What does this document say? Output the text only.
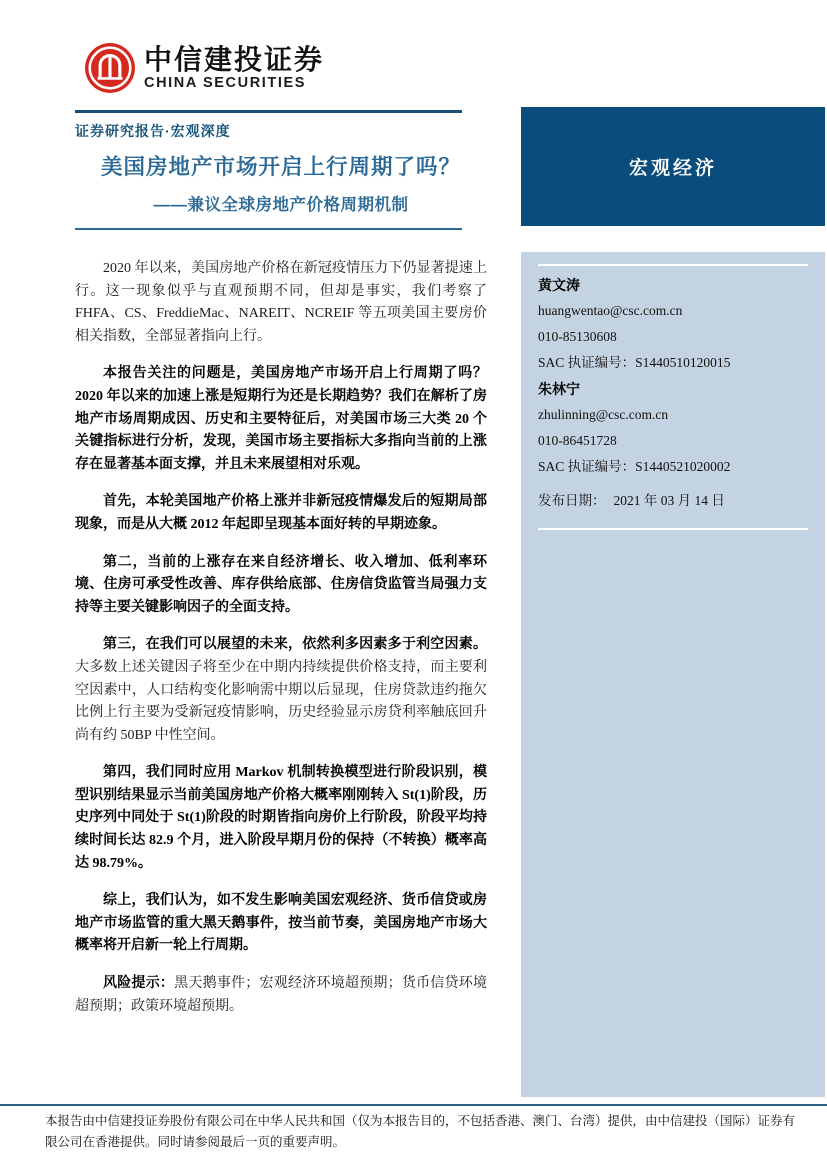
中信建投证券
CHINA SECURITIES
证券研究报告·宏观深度
美国房地产市场开启上行周期了吗？
——兼议全球房地产价格周期机制

2020 年以来，美国房地产价格在新冠疫情压力下仍显著提速上行。这一现象似乎与直观预期不同，但却是事实，我们考察了 FHFA、CS、FreddieMac、NAREIT、NCREIF 等五项美国主要房价相关指数，全部显著指向上行。

本报告关注的问题是，美国房地产市场开启上行周期了吗？2020 年以来的加速上涨是短期行为还是长期趋势？我们在解析了房地产市场周期成因、历史和主要特征后，对美国市场三大类 20 个关键指标进行分析，发现，美国市场主要指标大多指向当前的上涨存在显著基本面支撑，并且未来展望相对乐观。

首先，本轮美国地产价格上涨并非新冠疫情爆发后的短期局部现象，而是从大概 2012 年起即呈现基本面好转的早期迹象。

第二，当前的上涨存在来自经济增长、收入增加、低利率环境、住房可承受性改善、库存供给底部、住房信贷监管当局强力支持等主要关键影响因子的全面支持。

第三，在我们可以展望的未来，依然利多因素多于利空因素。大多数上述关键因子将至少在中期内持续提供价格支持，而主要利空因素中，人口结构变化影响需中期以后显现，住房贷款违约拖欠比例上行主要为受新冠疫情影响，历史经验显示房贷利率触底回升尚有约 50BP 中性空间。

第四，我们同时应用 Markov 机制转换模型进行阶段识别，模型识别结果显示当前美国房地产价格大概率刚刚转入 St(1)阶段，历史序列中同处于 St(1)阶段的时期皆指向房价上行阶段，阶段平均持续时间长达 82.9 个月，进入阶段早期月份的保持（不转换）概率高达 98.79%。

综上，我们认为，如不发生影响美国宏观经济、货币信贷或房地产市场监管的重大黑天鹅事件，按当前节奏，美国房地产市场大概率将开启新一轮上行周期。

风险提示：黑天鹅事件；宏观经济环境超预期；货币信贷环境超预期；政策环境超预期。

宏观经济
黄文涛
huangwentao@csc.com.cn
010-85130608
SAC 执证编号：S1440510120015
朱林宁
zhulinning@csc.com.cn
010-86451728
SAC 执证编号：S1440521020002
发布日期： 2021 年 03 月 14 日
本报告由中信建投证券股份有限公司在中华人民共和国（仅为本报告目的，不包括香港、澳门、台湾）提供，由中信建投（国际）证券有
限公司在香港提供。同时请参阅最后一页的重要声明。
